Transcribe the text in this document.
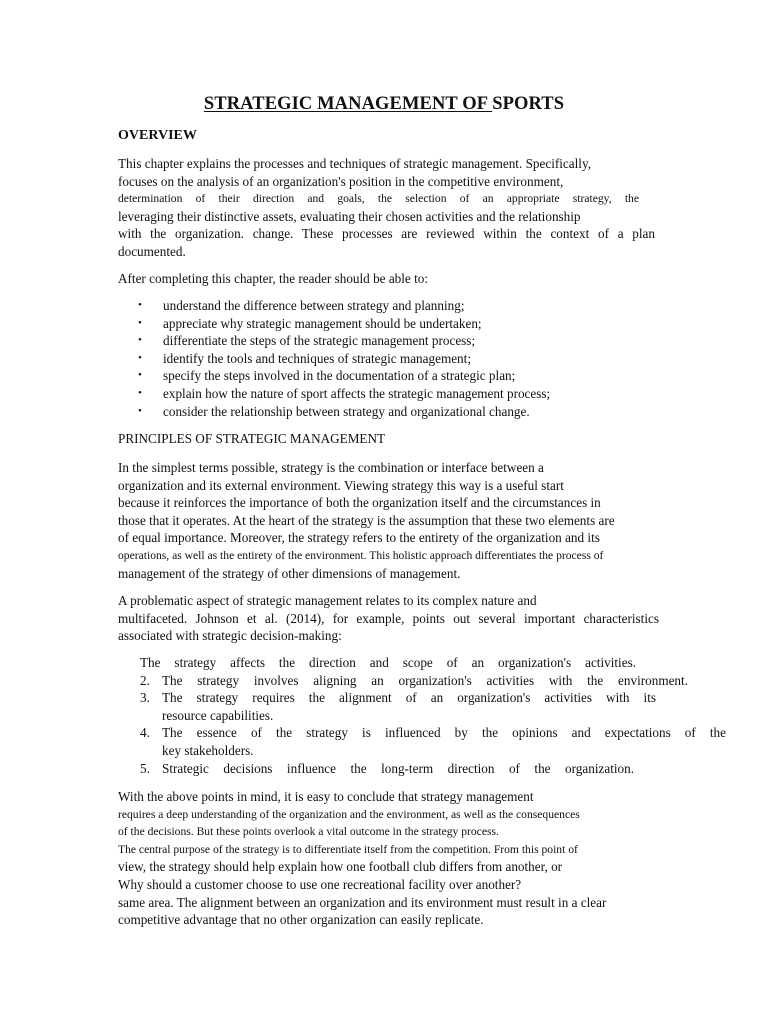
STRATEGIC MANAGEMENT OF SPORTS
OVERVIEW
This chapter explains the processes and techniques of strategic management. Specifically,
focuses on the analysis of an organization's position in the competitive environment,
determination of their direction and goals, the selection of an appropriate strategy, the
leveraging their distinctive assets, evaluating their chosen activities and the relationship
with the organization. change. These processes are reviewed within the context of a plan
documented.
After completing this chapter, the reader should be able to:
• understand the difference between strategy and planning;
• appreciate why strategic management should be undertaken;
• differentiate the steps of the strategic management process;
• identify the tools and techniques of strategic management;
• specify the steps involved in the documentation of a strategic plan;
• explain how the nature of sport affects the strategic management process;
• consider the relationship between strategy and organizational change.
PRINCIPLES OF STRATEGIC MANAGEMENT
In the simplest terms possible, strategy is the combination or interface between a
organization and its external environment. Viewing strategy this way is a useful start
because it reinforces the importance of both the organization itself and the circumstances in
those that it operates. At the heart of the strategy is the assumption that these two elements are
of equal importance. Moreover, the strategy refers to the entirety of the organization and its
operations, as well as the entirety of the environment. This holistic approach differentiates the process of
management of the strategy of other dimensions of management.
A problematic aspect of strategic management relates to its complex nature and
multifaceted. Johnson et al. (2014), for example, points out several important characteristics
associated with strategic decision-making:
The strategy affects the direction and scope of an organization's activities.
2. The strategy involves aligning an organization's activities with the environment.
3. The strategy requires the alignment of an organization's activities with its
resource capabilities.
4. The essence of the strategy is influenced by the opinions and expectations of the
key stakeholders.
5. Strategic decisions influence the long-term direction of the organization.
With the above points in mind, it is easy to conclude that strategy management
requires a deep understanding of the organization and the environment, as well as the consequences
of the decisions. But these points overlook a vital outcome in the strategy process.
The central purpose of the strategy is to differentiate itself from the competition. From this point of
view, the strategy should help explain how one football club differs from another, or
Why should a customer choose to use one recreational facility over another?
same area. The alignment between an organization and its environment must result in a clear
competitive advantage that no other organization can easily replicate.
